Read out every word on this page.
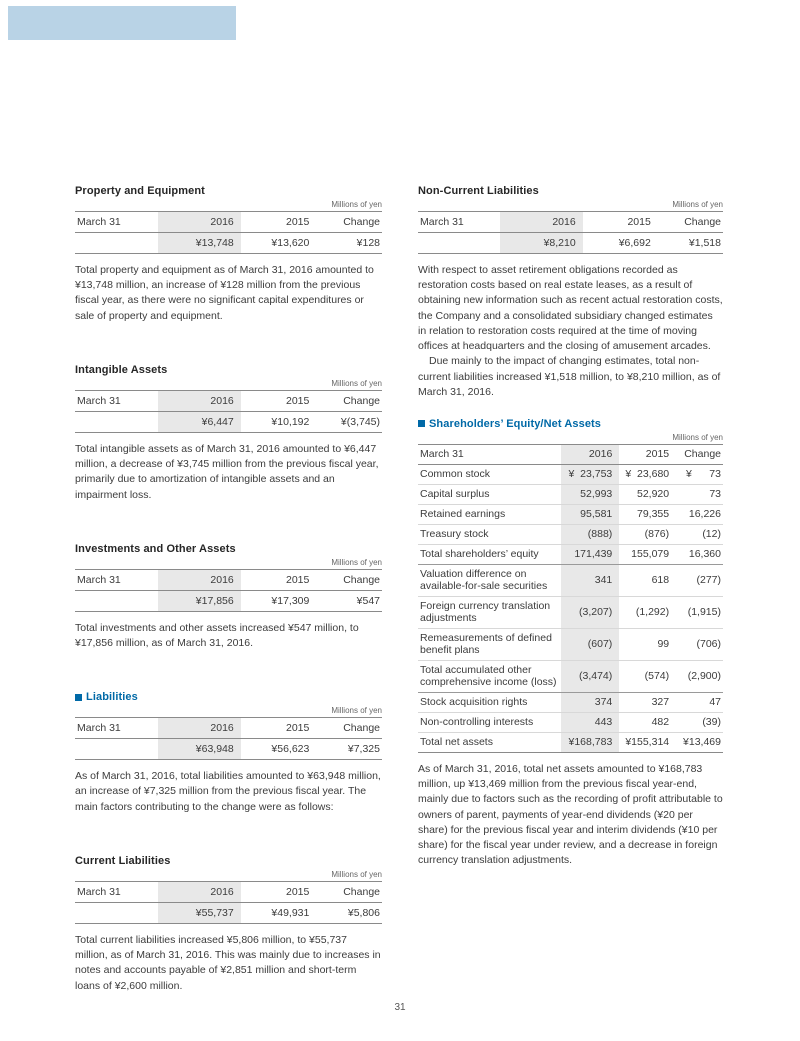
Property and Equipment
Millions of yen
March 31	2016	2015	Change
	¥13,748	¥13,620	¥128

Total property and equipment as of March 31, 2016 amounted to ¥13,748 million, an increase of ¥128 million from the previous fiscal year, as there were no significant capital expenditures or sale of property and equipment.

Intangible Assets
Millions of yen
March 31	2016	2015	Change
	¥6,447	¥10,192	¥(3,745)

Total intangible assets as of March 31, 2016 amounted to ¥6,447 million, a decrease of ¥3,745 million from the previous fiscal year, primarily due to amortization of intangible assets and an impairment loss.

Investments and Other Assets
Millions of yen
March 31	2016	2015	Change
	¥17,856	¥17,309	¥547

Total investments and other assets increased ¥547 million, to ¥17,856 million, as of March 31, 2016.

Liabilities
Millions of yen
March 31	2016	2015	Change
	¥63,948	¥56,623	¥7,325

As of March 31, 2016, total liabilities amounted to ¥63,948 million, an increase of ¥7,325 million from the previous fiscal year. The main factors contributing to the change were as follows:

Current Liabilities
Millions of yen
March 31	2016	2015	Change
	¥55,737	¥49,931	¥5,806

Total current liabilities increased ¥5,806 million, to ¥55,737 million, as of March 31, 2016. This was mainly due to increases in notes and accounts payable of ¥2,851 million and short-term loans of ¥2,600 million.

Non-Current Liabilities
Millions of yen
March 31	2016	2015	Change
	¥8,210	¥6,692	¥1,518

With respect to asset retirement obligations recorded as restoration costs based on real estate leases, as a result of obtaining new information such as recent actual restoration costs, the Company and a consolidated subsidiary changed estimates in relation to restoration costs required at the time of moving offices at headquarters and the closing of amusement arcades.

Due mainly to the impact of changing estimates, total non-current liabilities increased ¥1,518 million, to ¥8,210 million, as of March 31, 2016.

Shareholders’ Equity/Net Assets
Millions of yen
March 31	2016	2015	Change
Common stock	¥  23,753	¥  23,680	¥      73
Capital surplus	52,993	52,920	73
Retained earnings	95,581	79,355	16,226
Treasury stock	(888)	(876)	(12)
Total shareholders’ equity	171,439	155,079	16,360
Valuation difference on available-for-sale securities	341	618	(277)
Foreign currency translation adjustments	(3,207)	(1,292)	(1,915)
Remeasurements of defined benefit plans	(607)	99	(706)
Total accumulated other comprehensive income (loss)	(3,474)	(574)	(2,900)
Stock acquisition rights	374	327	47
Non-controlling interests	443	482	(39)
Total net assets	¥168,783	¥155,314	¥13,469

As of March 31, 2016, total net assets amounted to ¥168,783 million, up ¥13,469 million from the previous fiscal year-end, mainly due to factors such as the recording of profit attributable to owners of parent, payments of year-end dividends (¥20 per share) for the previous fiscal year and interim dividends (¥10 per share) for the fiscal year under review, and a decrease in foreign currency translation adjustments.

31
